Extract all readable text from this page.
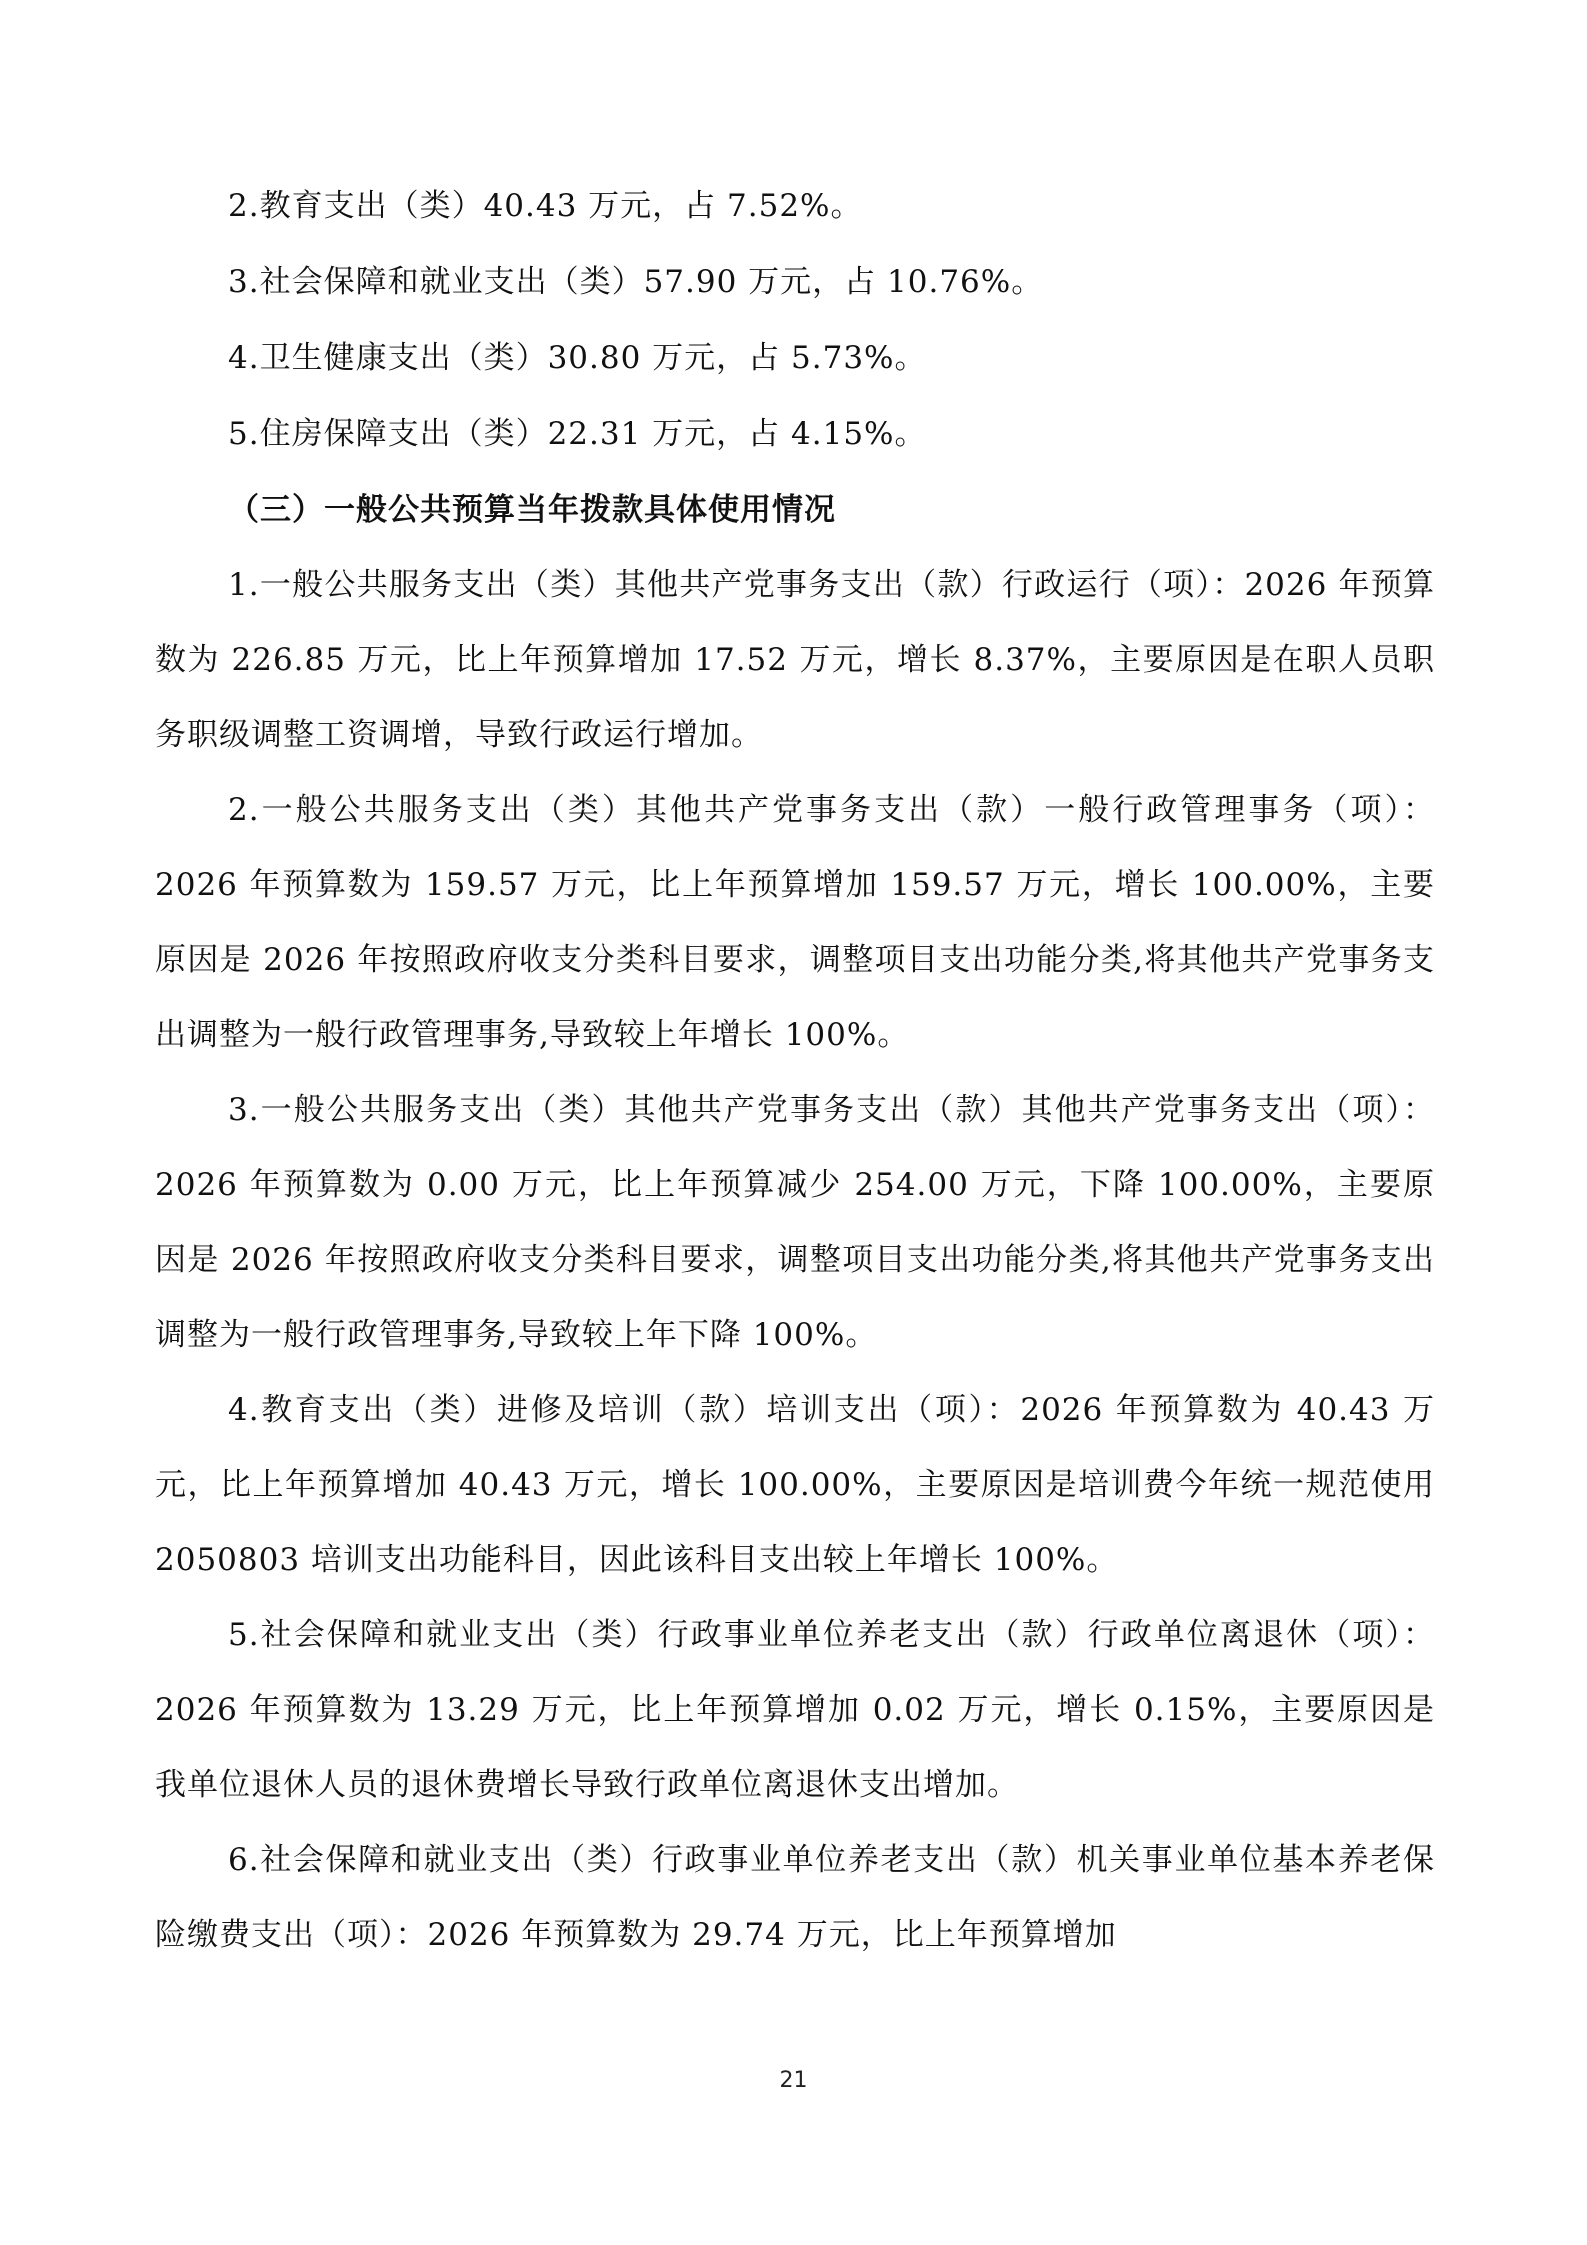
2.教育支出（类）40.43 万元，占 7.52%。
3.社会保障和就业支出（类）57.90 万元，占 10.76%。
4.卫生健康支出（类）30.80 万元，占 5.73%。
5.住房保障支出（类）22.31 万元，占 4.15%。
（三）一般公共预算当年拨款具体使用情况

1.一般公共服务支出（类）其他共产党事务支出（款）行政运行（项）：2026 年预算数为 226.85 万元，比上年预算增加 17.52 万元，增长 8.37%，主要原因是在职人员职务职级调整工资调增，导致行政运行增加。

2.一般公共服务支出（类）其他共产党事务支出（款）一般行政管理事务（项）：2026 年预算数为 159.57 万元，比上年预算增加 159.57 万元，增长 100.00%，主要原因是 2026 年按照政府收支分类科目要求，调整项目支出功能分类,将其他共产党事务支出调整为一般行政管理事务,导致较上年增长 100%。

3.一般公共服务支出（类）其他共产党事务支出（款）其他共产党事务支出（项）：2026 年预算数为 0.00 万元，比上年预算减少 254.00 万元，下降 100.00%，主要原因是 2026 年按照政府收支分类科目要求，调整项目支出功能分类,将其他共产党事务支出调整为一般行政管理事务,导致较上年下降 100%。

4.教育支出（类）进修及培训（款）培训支出（项）：2026 年预算数为 40.43 万元，比上年预算增加 40.43 万元，增长 100.00%，主要原因是培训费今年统一规范使用 2050803 培训支出功能科目，因此该科目支出较上年增长 100%。

5.社会保障和就业支出（类）行政事业单位养老支出（款）行政单位离退休（项）：2026 年预算数为 13.29 万元，比上年预算增加 0.02 万元，增长 0.15%，主要原因是我单位退休人员的退休费增长导致行政单位离退休支出增加。

6.社会保障和就业支出（类）行政事业单位养老支出（款）机关事业单位基本养老保险缴费支出（项）：2026 年预算数为 29.74 万元，比上年预算增加

21
